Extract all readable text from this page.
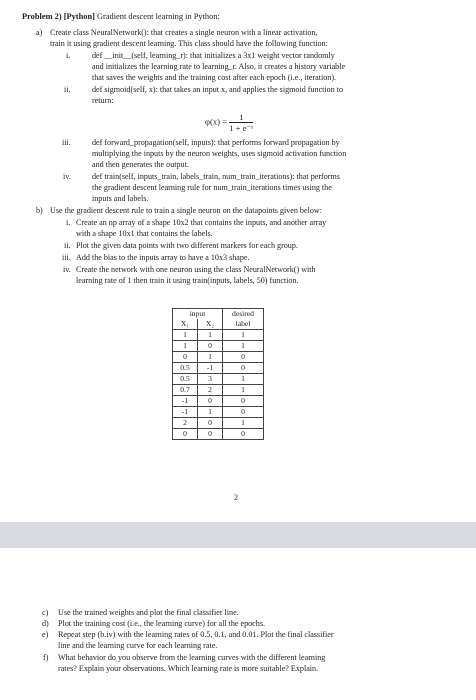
Problem 2) [Python] Gradient descent learning in Python:
a) Create class NeuralNetwork(): that creates a single neuron with a linear activation,
train it using gradient descent learning. This class should have the following function:
i.	def __init__(self, learning_r): that initializes a 3x1 weight vector randomly
and initializes the learning rate to learning_r. Also, it creates a history variable
that saves the weights and the training cost after each epoch (i.e., iteration).
ii.	def sigmoid(self, x): that takes an input x, and applies the sigmoid function to
return:
$\varphi(x) = \frac{1}{\text{1 + e⁻ˣ}}$
iii.	def forward_propagation(self, inputs): that performs forward propagation by
multiplying the inputs by the neuron weights, uses sigmoid activation function
and then generates the output.
iv.	def train(self, inputs_train, labels_train, num_train_iterations): that performs
the gradient descent learning rule for num_train_iterations times using the
inputs and labels.
b) Use the gradient descent rule to train a single neuron on the datapoints given below:
i. Create an np array of a shape 10x2 that contains the inputs, and another array
with a shape 10x1 that contains the labels.
ii. Plot the given data points with two different markers for each group.
iii. Add the bias to the inputs array to have a 10x3 shape.
iv. Create the network with one neuron using the class NeuralNetwork() with
learning rate of 1 then train it using train(inputs, labels, 50) function.
input		desired
X₁	X₂	label
1	1	1
1	0	1
0	1	0
0.5	-1	0
0.5	3	1
0.7	2	1
-1	0	0
-1	1	0
2	0	1
0	0	0
2
c) Use the trained weights and plot the final classifier line.
d) Plot the training cost (i.e., the learning curve) for all the epochs.
e) Repeat step (b.iv) with the learning rates of 0.5, 0.1, and 0.01. Plot the final classifier
line and the learning curve for each learning rate.
f) What behavior do you observe from the learning curves with the different learning
rates? Explain your observations. Which learning rate is more suitable? Explain.
